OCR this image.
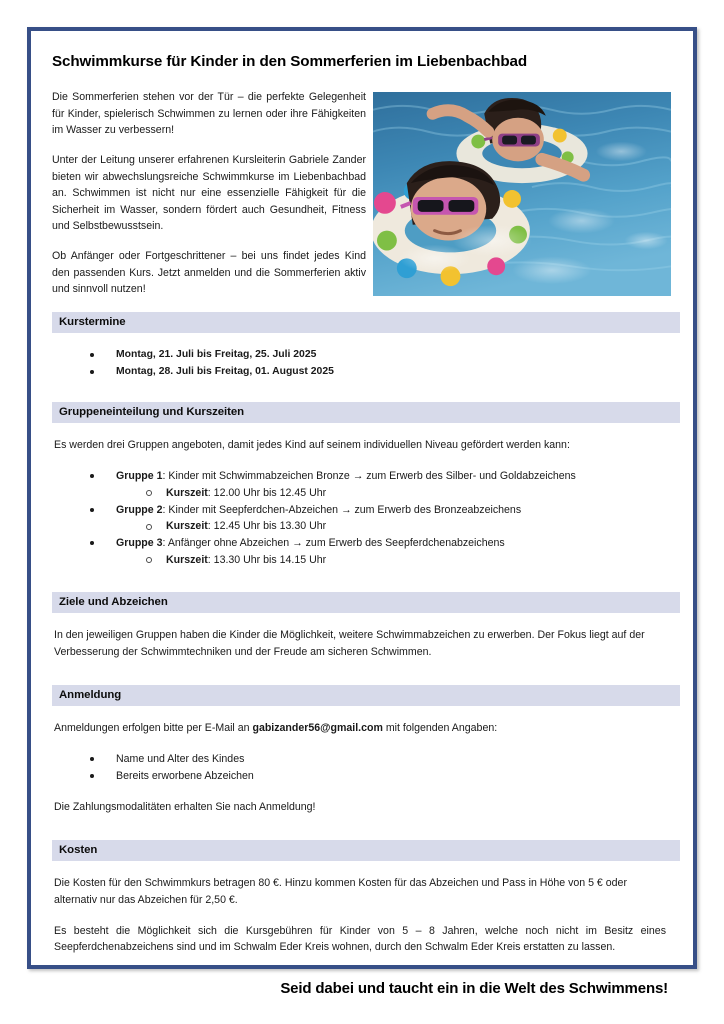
Schwimmkurse für Kinder in den Sommerferien im Liebenbachbad

Die Sommerferien stehen vor der Tür – die perfekte Gelegenheit für Kinder, spielerisch Schwimmen zu lernen oder ihre Fähigkeiten im Wasser zu verbessern!

Unter der Leitung unserer erfahrenen Kursleiterin Gabriele Zander bieten wir abwechslungsreiche Schwimmkurse im Liebenbachbad an. Schwimmen ist nicht nur eine essenzielle Fähigkeit für die Sicherheit im Wasser, sondern fördert auch Gesundheit, Fitness und Selbstbewusstsein.

Ob Anfänger oder Fortgeschrittener – bei uns findet jedes Kind den passenden Kurs. Jetzt anmelden und die Sommerferien aktiv und sinnvoll nutzen!

Kurstermine
Montag, 21. Juli bis Freitag, 25. Juli 2025
Montag, 28. Juli bis Freitag, 01. August 2025
Gruppeneinteilung und Kurszeiten

Es werden drei Gruppen angeboten, damit jedes Kind auf seinem individuellen Niveau gefördert werden kann:

Gruppe 1: Kinder mit Schwimmabzeichen Bronze → zum Erwerb des Silber- und Goldabzeichens
Kurszeit: 12.00 Uhr bis 12.45 Uhr
Gruppe 2: Kinder mit Seepferdchen-Abzeichen → zum Erwerb des Bronzeabzeichens
Kurszeit: 12.45 Uhr bis 13.30 Uhr
Gruppe 3: Anfänger ohne Abzeichen → zum Erwerb des Seepferdchenabzeichens
Kurszeit: 13.30 Uhr bis 14.15 Uhr
Ziele und Abzeichen

In den jeweiligen Gruppen haben die Kinder die Möglichkeit, weitere Schwimmabzeichen zu erwerben. Der Fokus liegt auf der Verbesserung der Schwimmtechniken und der Freude am sicheren Schwimmen.

Anmeldung

Anmeldungen erfolgen bitte per E-Mail an gabizander56@gmail.com mit folgenden Angaben:

Name und Alter des Kindes
Bereits erworbene Abzeichen

Die Zahlungsmodalitäten erhalten Sie nach Anmeldung!

Kosten

Die Kosten für den Schwimmkurs betragen 80 €. Hinzu kommen Kosten für das Abzeichen und Pass in Höhe von 5 € oder alternativ nur das Abzeichen für 2,50 €.

Es besteht die Möglichkeit sich die Kursgebühren für Kinder von 5 – 8 Jahren, welche noch nicht im Besitz eines Seepferdchenabzeichens sind und im Schwalm Eder Kreis wohnen, durch den Schwalm Eder Kreis erstatten zu lassen.

Seid dabei und taucht ein in die Welt des Schwimmens!
